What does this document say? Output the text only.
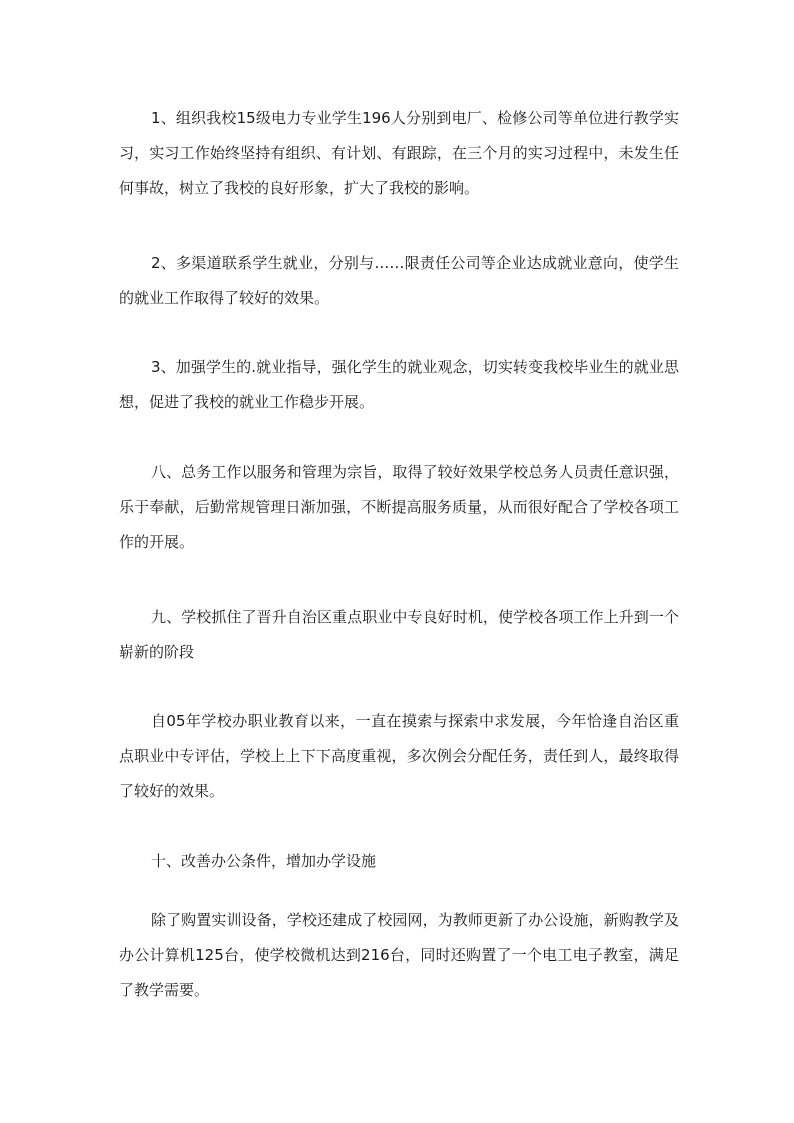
1、组织我校15级电力专业学生196人分别到电厂、检修公司等单位进行教学实习，实习工作始终坚持有组织、有计划、有跟踪，在三个月的实习过程中，未发生任何事故，树立了我校的良好形象，扩大了我校的影响。

2、多渠道联系学生就业，分别与……限责任公司等企业达成就业意向，使学生的就业工作取得了较好的效果。

3、加强学生的.就业指导，强化学生的就业观念，切实转变我校毕业生的就业思想，促进了我校的就业工作稳步开展。

八、总务工作以服务和管理为宗旨，取得了较好效果学校总务人员责任意识强，乐于奉献，后勤常规管理日渐加强，不断提高服务质量，从而很好配合了学校各项工作的开展。

九、学校抓住了晋升自治区重点职业中专良好时机，使学校各项工作上升到一个崭新的阶段

自05年学校办职业教育以来，一直在摸索与探索中求发展，今年恰逢自治区重点职业中专评估，学校上上下下高度重视，多次例会分配任务，责任到人，最终取得了较好的效果。

十、改善办公条件，增加办学设施

除了购置实训设备，学校还建成了校园网，为教师更新了办公设施，新购教学及办公计算机125台，使学校微机达到216台，同时还购置了一个电工电子教室，满足了教学需要。
